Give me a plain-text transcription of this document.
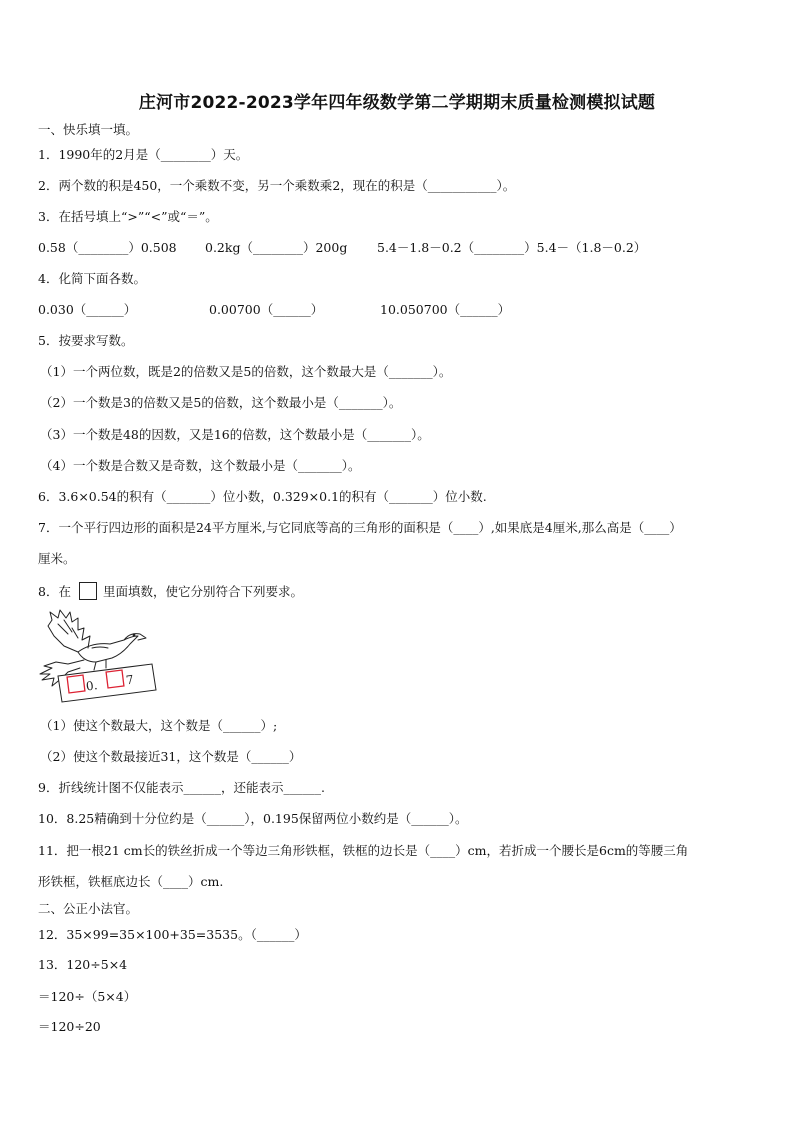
庄河市2022-2023学年四年级数学第二学期期末质量检测模拟试题
一、快乐填一填。
1．1990年的2月是（________）天。
2．两个数的积是450，一个乘数不变，另一个乘数乘2，现在的积是（___________）。
3．在括号填上“>”“<”或“＝”。
0.58（________）0.508 0.2kg（________）200g 5.4－1.8－0.2（________）5.4－（1.8－0.2）
4．化简下面各数。
0.030（______）	0.00700（______）	10.050700（______）
5．按要求写数。
（1）一个两位数，既是2的倍数又是5的倍数，这个数最大是（_______）。
（2）一个数是3的倍数又是5的倍数，这个数最小是（_______）。
（3）一个数是48的因数，又是16的倍数，这个数最小是（_______）。
（4）一个数是合数又是奇数，这个数最小是（_______）。
6．3.6×0.54的积有（_______）位小数，0.329×0.1的积有（_______）位小数.
7．一个平行四边形的面积是24平方厘米,与它同底等高的三角形的面积是（____）,如果底是4厘米,那么高是（____）
厘米。
8．在	里面填数，使它分别符合下列要求。
0. 7
（1）使这个数最大，这个数是（______）;
（2）使这个数最接近31，这个数是（______）
9．折线统计图不仅能表示______，还能表示______.
10．8.25精确到十分位约是（______），0.195保留两位小数约是（______）。
11．把一根21 cm长的铁丝折成一个等边三角形铁框，铁框的边长是（____）cm，若折成一个腰长是6cm的等腰三角
形铁框，铁框底边长（____）cm.
二、公正小法官。
12．35×99=35×100+35=3535。（______）
13．120÷5×4
＝120÷（5×4）
＝120÷20
